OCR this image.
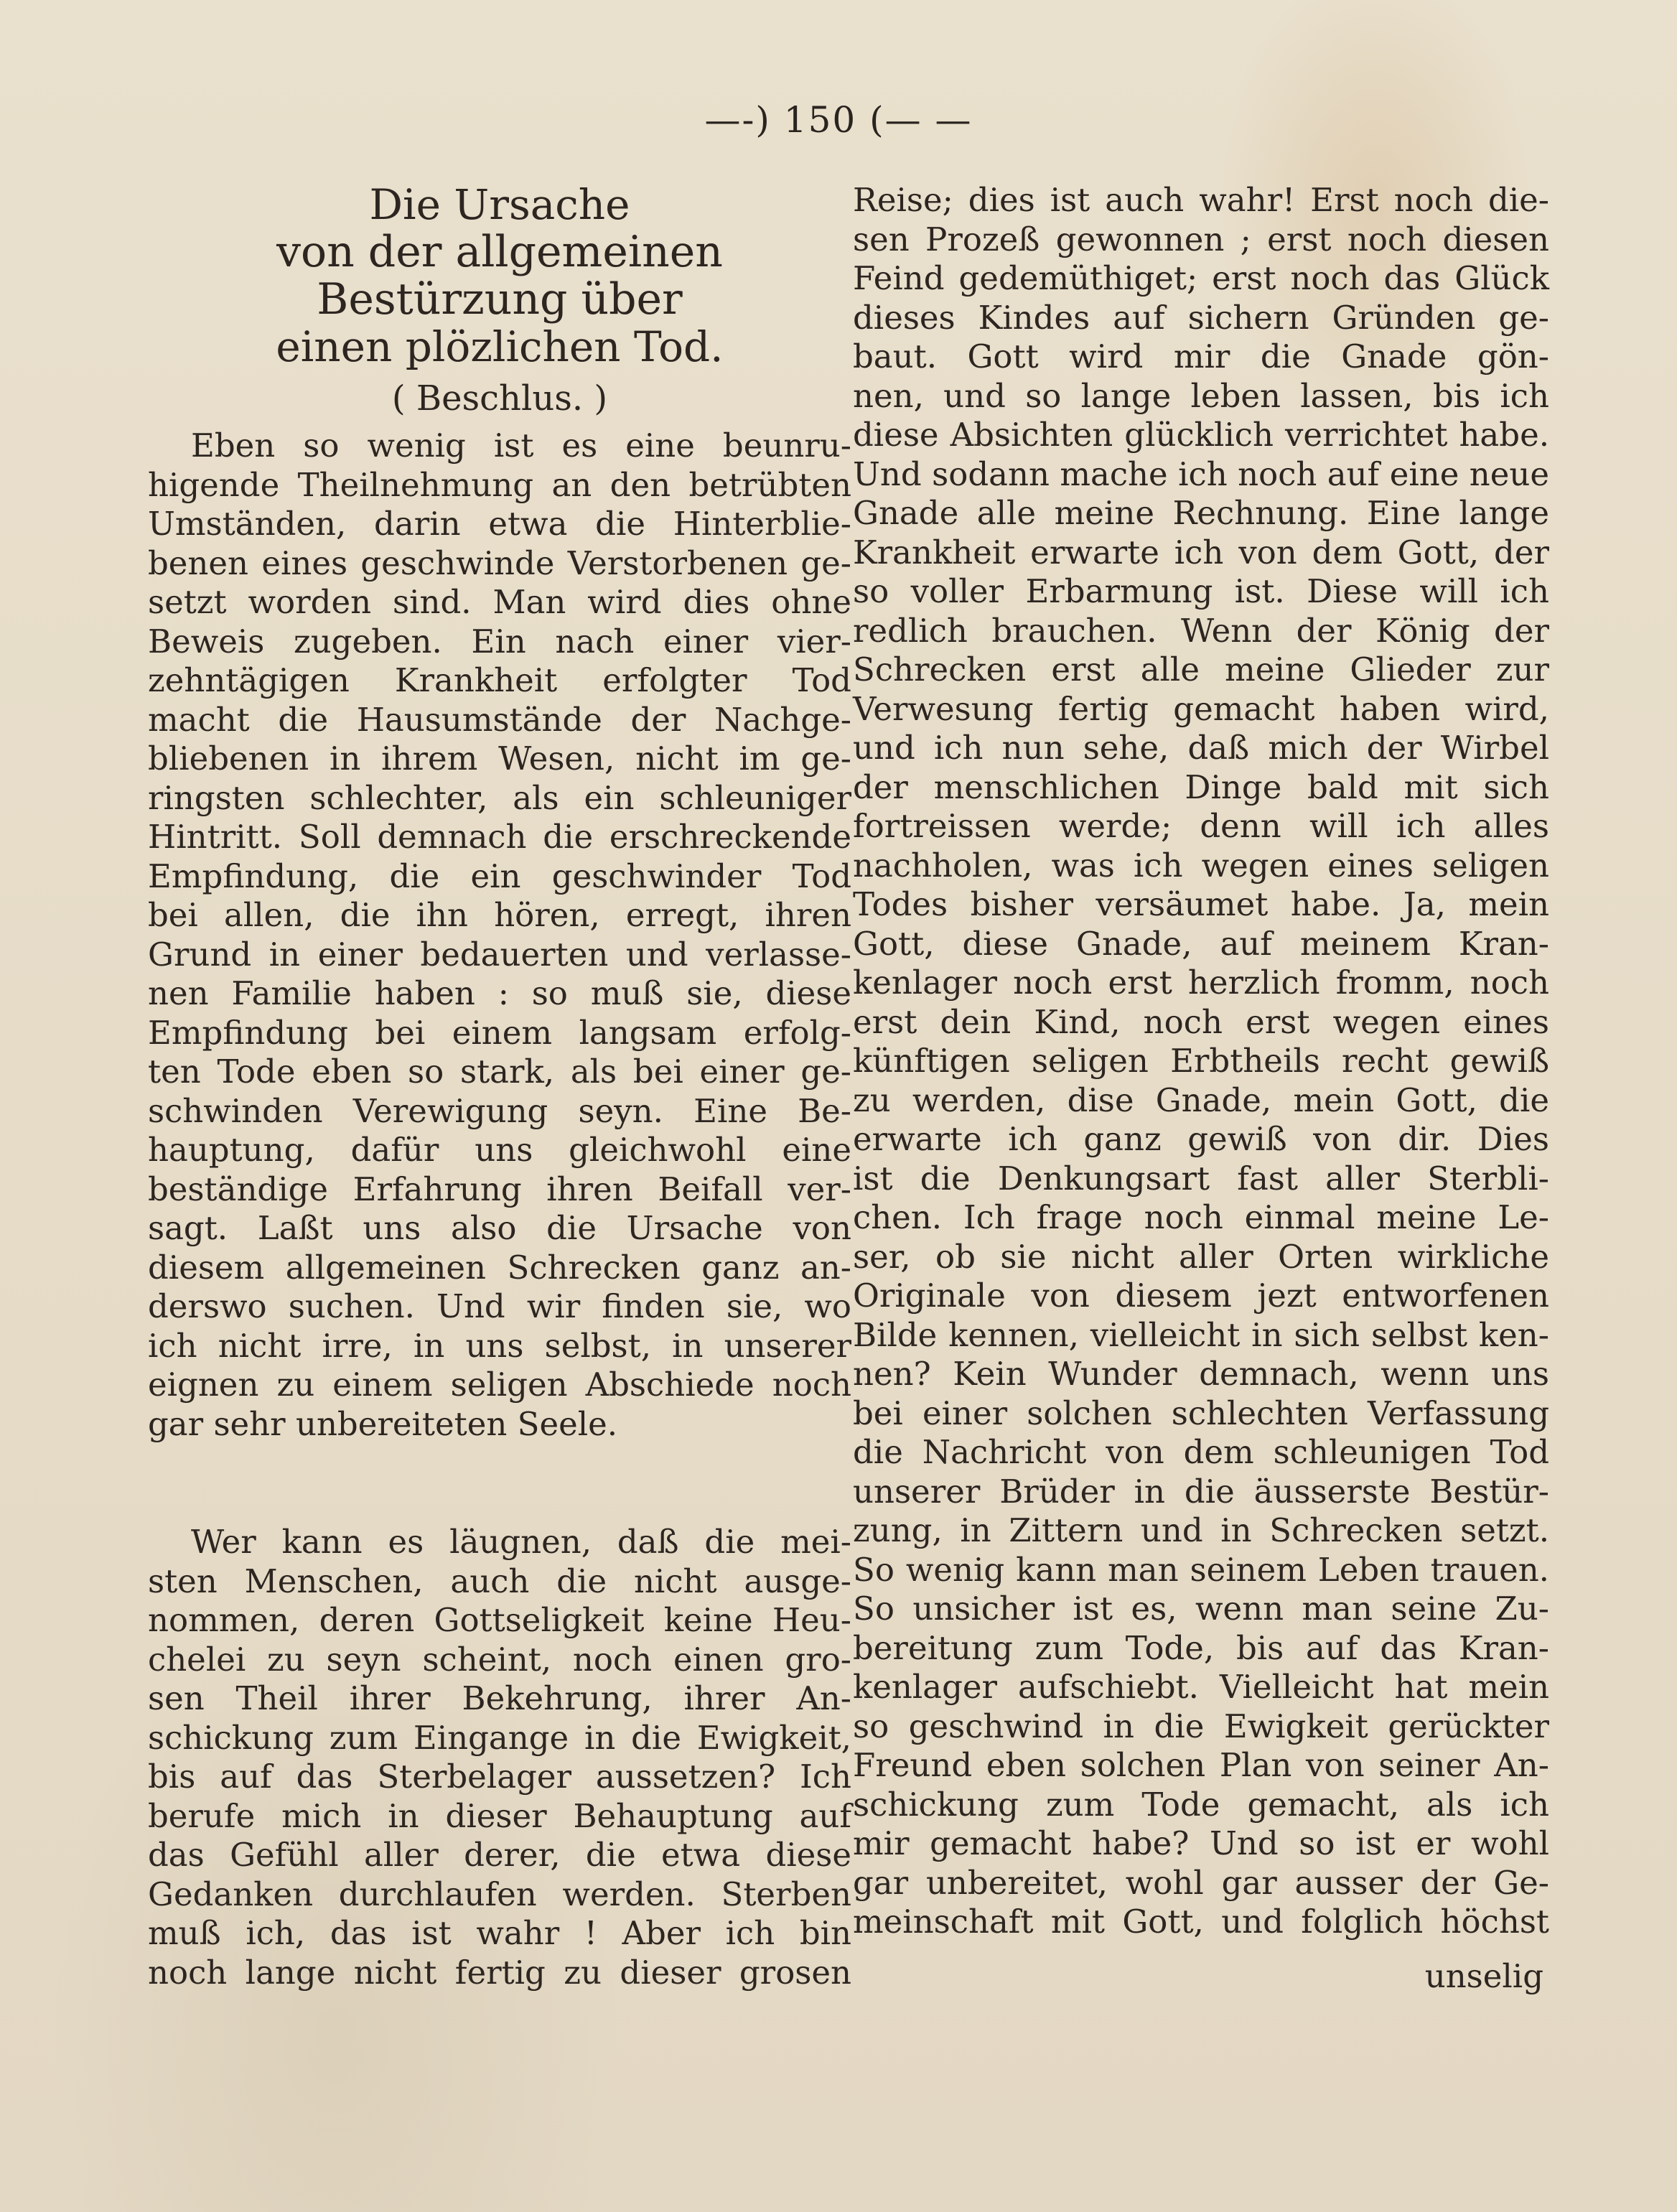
—-) 150 (— —
Die Ursache
von der allgemeinen Bestürzung über
einen plözlichen Tod.
( Beschlus. )
Eben so wenig ist es eine beunru-
higende Theilnehmung an den betrübten
Umständen, darin etwa die Hinterblie-
benen eines geschwinde Verstorbenen ge-
setzt worden sind. Man wird dies ohne
Beweis zugeben. Ein nach einer vier-
zehntägigen Krankheit erfolgter Tod
macht die Hausumstände der Nachge-
bliebenen in ihrem Wesen, nicht im ge-
ringsten schlechter, als ein schleuniger
Hintritt. Soll demnach die erschreckende
Empfindung, die ein geschwinder Tod
bei allen, die ihn hören, erregt, ihren
Grund in einer bedauerten und verlasse-
nen Familie haben : so muß sie, diese
Empfindung bei einem langsam erfolg-
ten Tode eben so stark, als bei einer ge-
schwinden Verewigung seyn. Eine Be-
hauptung, dafür uns gleichwohl eine
beständige Erfahrung ihren Beifall ver-
sagt. Laßt uns also die Ursache von
diesem allgemeinen Schrecken ganz an-
derswo suchen. Und wir finden sie, wo
ich nicht irre, in uns selbst, in unserer
eignen zu einem seligen Abschiede noch
gar sehr unbereiteten Seele.
Wer kann es läugnen, daß die mei-
sten Menschen, auch die nicht ausge-
nommen, deren Gottseligkeit keine Heu-
chelei zu seyn scheint, noch einen gro-
sen Theil ihrer Bekehrung, ihrer An-
schickung zum Eingange in die Ewigkeit,
bis auf das Sterbelager aussetzen? Ich
berufe mich in dieser Behauptung auf
das Gefühl aller derer, die etwa diese
Gedanken durchlaufen werden. Sterben
muß ich, das ist wahr ! Aber ich bin
noch lange nicht fertig zu dieser grosen
Reise; dies ist auch wahr! Erst noch die-
sen Prozeß gewonnen ; erst noch diesen
Feind gedemüthiget; erst noch das Glück
dieses Kindes auf sichern Gründen ge-
baut. Gott wird mir die Gnade gön-
nen, und so lange leben lassen, bis ich
diese Absichten glücklich verrichtet habe.
Und sodann mache ich noch auf eine neue
Gnade alle meine Rechnung. Eine lange
Krankheit erwarte ich von dem Gott, der
so voller Erbarmung ist. Diese will ich
redlich brauchen. Wenn der König der
Schrecken erst alle meine Glieder zur
Verwesung fertig gemacht haben wird,
und ich nun sehe, daß mich der Wirbel
der menschlichen Dinge bald mit sich
fortreissen werde; denn will ich alles
nachholen, was ich wegen eines seligen
Todes bisher versäumet habe. Ja, mein
Gott, diese Gnade, auf meinem Kran-
kenlager noch erst herzlich fromm, noch
erst dein Kind, noch erst wegen eines
künftigen seligen Erbtheils recht gewiß
zu werden, dise Gnade, mein Gott, die
erwarte ich ganz gewiß von dir. Dies
ist die Denkungsart fast aller Sterbli-
chen. Ich frage noch einmal meine Le-
ser, ob sie nicht aller Orten wirkliche
Originale von diesem jezt entworfenen
Bilde kennen, vielleicht in sich selbst ken-
nen? Kein Wunder demnach, wenn uns
bei einer solchen schlechten Verfassung
die Nachricht von dem schleunigen Tod
unserer Brüder in die äusserste Bestür-
zung, in Zittern und in Schrecken setzt.
So wenig kann man seinem Leben trauen.
So unsicher ist es, wenn man seine Zu-
bereitung zum Tode, bis auf das Kran-
kenlager aufschiebt. Vielleicht hat mein
so geschwind in die Ewigkeit gerückter
Freund eben solchen Plan von seiner An-
schickung zum Tode gemacht, als ich
mir gemacht habe? Und so ist er wohl
gar unbereitet, wohl gar ausser der Ge-
meinschaft mit Gott, und folglich höchst
unselig
